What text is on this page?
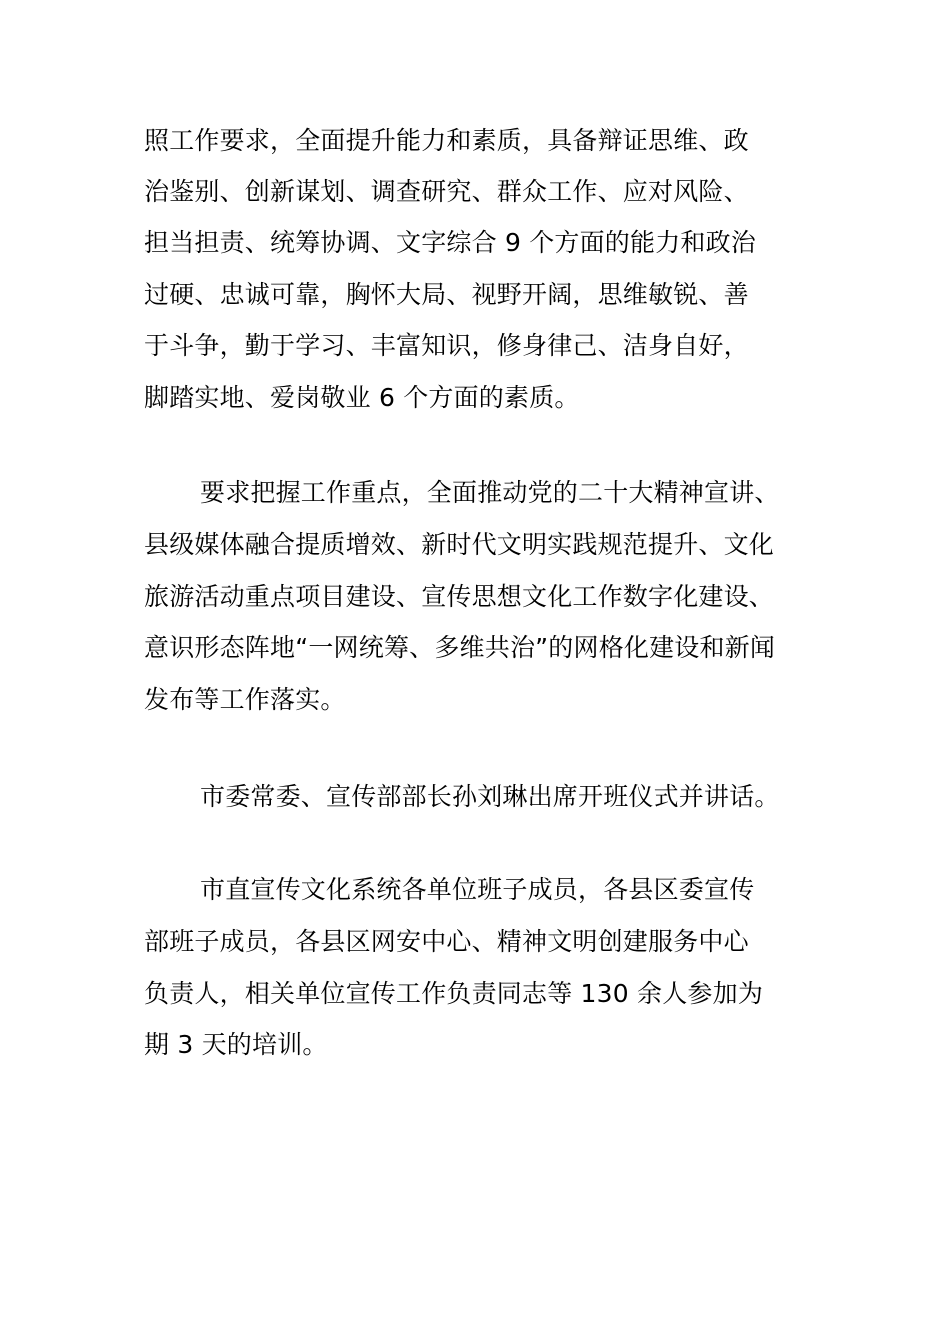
照工作要求，全面提升能力和素质，具备辩证思维、政
治鉴别、创新谋划、调查研究、群众工作、应对风险、
担当担责、统筹协调、文字综合 9 个方面的能力和政治
过硬、忠诚可靠，胸怀大局、视野开阔，思维敏锐、善
于斗争，勤于学习、丰富知识，修身律己、洁身自好，
脚踏实地、爱岗敬业 6 个方面的素质。
要求把握工作重点，全面推动党的二十大精神宣讲、
县级媒体融合提质增效、新时代文明实践规范提升、文化
旅游活动重点项目建设、宣传思想文化工作数字化建设、
意识形态阵地“一网统筹、多维共治”的网格化建设和新闻
发布等工作落实。
市委常委、宣传部部长孙刘琳出席开班仪式并讲话。
市直宣传文化系统各单位班子成员，各县区委宣传
部班子成员，各县区网安中心、精神文明创建服务中心
负责人，相关单位宣传工作负责同志等 130 余人参加为
期 3 天的培训。
